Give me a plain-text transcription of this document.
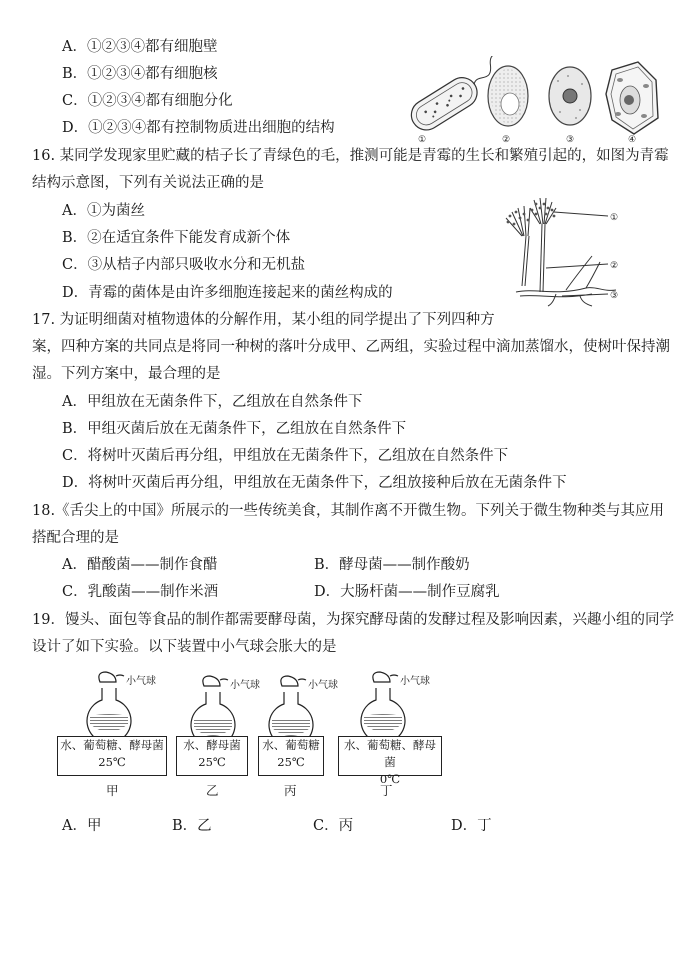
A．①②③④都有细胞壁
B．①②③④都有细胞核
C．①②③④都有细胞分化
D．①②③④都有控制物质进出细胞的结构
①	②	③	④
16. 某同学发现家里贮藏的桔子长了青绿色的毛，推测可能是青霉的生长和繁殖引起的，如图为青霉
结构示意图，下列有关说法正确的是
A．①为菌丝
B．②在适宜条件下能发育成新个体
C．③从桔子内部只吸收水分和无机盐
D．青霉的菌体是由许多细胞连接起来的菌丝构成的
①
②
③
17. 为证明细菌对植物遗体的分解作用，某小组的同学提出了下列四种方
案，四种方案的共同点是将同一种树的落叶分成甲、乙两组，实验过程中滴加蒸馏水，使树叶保持潮
湿。下列方案中，最合理的是
A．甲组放在无菌条件下，乙组放在自然条件下
B．甲组灭菌后放在无菌条件下，乙组放在自然条件下
C．将树叶灭菌后再分组，甲组放在无菌条件下，乙组放在自然条件下
D．将树叶灭菌后再分组，甲组放在无菌条件下，乙组放接种后放在无菌条件下
18.《舌尖上的中国》所展示的一些传统美食，其制作离不开微生物。下列关于微生物种类与其应用
搭配合理的是
A．醋酸菌——制作食醋	B．酵母菌——制作酸奶
C．乳酸菌——制作米酒	D．大肠杆菌——制作豆腐乳
19．馒头、面包等食品的制作都需要酵母菌，为探究酵母菌的发酵过程及影响因素，兴趣小组的同学
设计了如下实验。以下装置中小气球会胀大的是
小气球	小气球	小气球	小气球
水、葡萄糖、酵母菌
25℃
水、酵母菌
25℃
水、葡萄糖
25℃
水、葡萄糖、酵母菌
0℃
甲	乙	丙	丁
A．甲	B．乙	C．丙	D．丁
